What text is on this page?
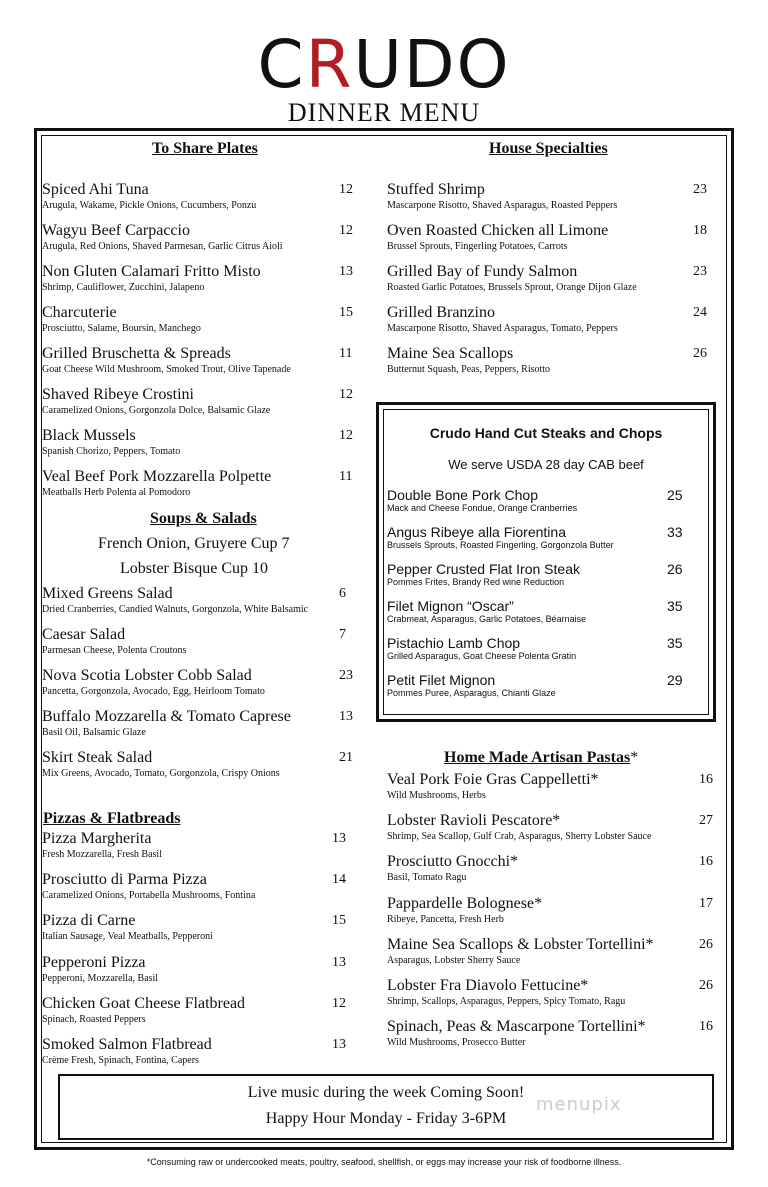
CRUDO
DINNER MENU
To Share Plates
Spiced Ahi Tuna
Arugula, Wakame, Pickle Onions, Cucumbers, Ponzu
12
Wagyu Beef Carpaccio
Arugula, Red Onions, Shaved Parmesan, Garlic Citrus Aioli
12
Non Gluten Calamari Fritto Misto
Shrimp, Cauliflower, Zucchini, Jalapeno
13
Charcuterie
Prosciutto, Salame, Boursin, Manchego
15
Grilled Bruschetta & Spreads
Goat Cheese Wild Mushroom, Smoked Trout, Olive Tapenade
11
Shaved Ribeye Crostini
Caramelized Onions, Gorgonzola Dolce, Balsamic Glaze
12
Black Mussels
Spanish Chorizo, Peppers, Tomato
12
Veal Beef Pork Mozzarella Polpette
Meatballs Herb Polenta al Pomodoro
11
Soups & Salads
French Onion, Gruyere Cup 7
Lobster Bisque Cup 10
Mixed Greens Salad
Dried Cranberries, Candied Walnuts, Gorgonzola, White Balsamic
6
Caesar Salad
Parmesan Cheese, Polenta Croutons
7
Nova Scotia Lobster Cobb Salad
Pancetta, Gorgonzola, Avocado, Egg, Heirloom Tomato
23
Buffalo Mozzarella & Tomato Caprese
Basil Oil, Balsamic Glaze
13
Skirt Steak Salad
Mix Greens, Avocado, Tomato, Gorgonzola, Crispy Onions
21
Pizzas & Flatbreads
Pizza Margherita
Fresh Mozzarella, Fresh Basil
13
Prosciutto di Parma Pizza
Caramelized Onions, Portabella Mushrooms, Fontina
14
Pizza di Carne
Italian Sausage, Veal Meatballs, Pepperoni
15
Pepperoni Pizza
Pepperoni, Mozzarella, Basil
13
Chicken Goat Cheese Flatbread
Spinach, Roasted Peppers
12
Smoked Salmon Flatbread
Crème Fresh, Spinach, Fontina, Capers
13
House Specialties
Stuffed Shrimp
Mascarpone Risotto, Shaved Asparagus, Roasted Peppers
23
Oven Roasted Chicken all Limone
Brussel Sprouts, Fingerling Potatoes, Carrots
18
Grilled Bay of Fundy Salmon
Roasted Garlic Potatoes, Brussels Sprout, Orange Dijon Glaze
23
Grilled Branzino
Mascarpone Risotto, Shaved Asparagus, Tomato, Peppers
24
Maine Sea Scallops
Butternut Squash, Peas, Peppers, Risotto
26
Crudo Hand Cut Steaks and Chops
We serve USDA 28 day CAB beef
Double Bone Pork Chop
Mack and Cheese Fondue, Orange Cranberries
25
Angus Ribeye alla Fiorentina
Brussels Sprouts, Roasted Fingerling, Gorgonzola Butter
33
Pepper Crusted Flat Iron Steak
Pommes Frites, Brandy Red wine Reduction
26
Filet Mignon “Oscar”
Crabmeat, Asparagus, Garlic Potatoes, Béarnaise
35
Pistachio Lamb Chop
Grilled Asparagus, Goat Cheese Polenta Gratin
35
Petit Filet Mignon
Pommes Puree, Asparagus, Chianti Glaze
29
Home Made Artisan Pastas*
Veal Pork Foie Gras Cappelletti*
Wild Mushrooms, Herbs
16
Lobster Ravioli Pescatore*
Shrimp, Sea Scallop, Gulf Crab, Asparagus, Sherry Lobster Sauce
27
Prosciutto Gnocchi*
Basil, Tomato Ragu
16
Pappardelle Bolognese*
Ribeye, Pancetta, Fresh Herb
17
Maine Sea Scallops & Lobster Tortellini*
Asparagus, Lobster Sherry Sauce
26
Lobster Fra Diavolo Fettucine*
Shrimp, Scallops, Asparagus, Peppers, Spicy Tomato, Ragu
26
Spinach, Peas & Mascarpone Tortellini*
Wild Mushrooms, Prosecco Butter
16
Live music during the week Coming Soon!
Happy Hour Monday - Friday 3-6PM
menupix
*Consuming raw or undercooked meats, poultry, seafood, shellfish, or eggs may increase your risk of foodborne illness.
